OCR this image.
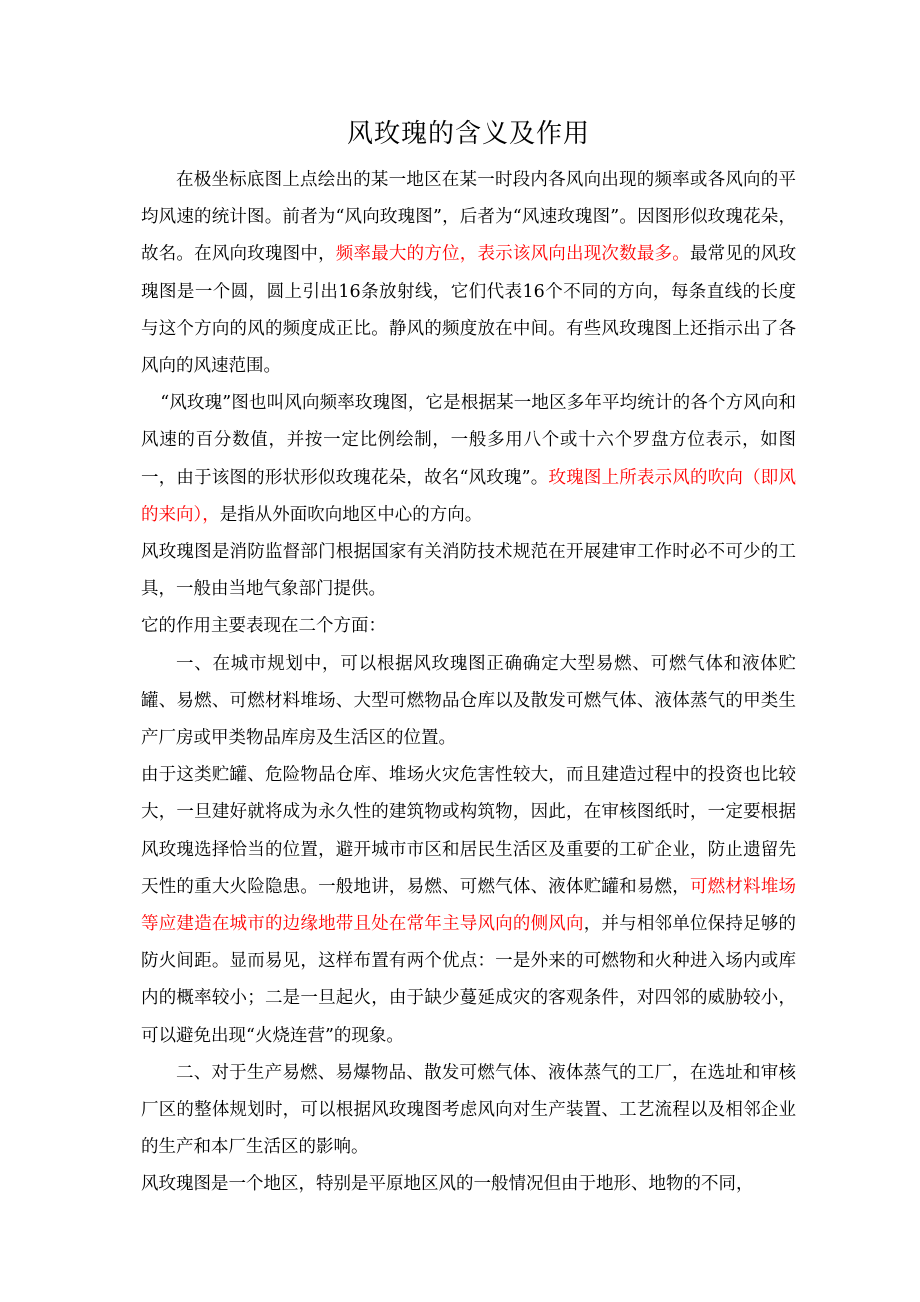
风玫瑰的含义及作用

在极坐标底图上点绘出的某一地区在某一时段内各风向出现的频率或各风向的平均风速的统计图。前者为“风向玫瑰图”，后者为“风速玫瑰图”。因图形似玫瑰花朵，故名。在风向玫瑰图中，频率最大的方位，表示该风向出现次数最多。最常见的风玫瑰图是一个圆，圆上引出16条放射线，它们代表16个不同的方向，每条直线的长度与这个方向的风的频度成正比。静风的频度放在中间。有些风玫瑰图上还指示出了各风向的风速范围。

“风玫瑰”图也叫风向频率玫瑰图，它是根据某一地区多年平均统计的各个方风向和风速的百分数值，并按一定比例绘制，一般多用八个或十六个罗盘方位表示，如图一，由于该图的形状形似玫瑰花朵，故名“风玫瑰”。玫瑰图上所表示风的吹向（即风的来向），是指从外面吹向地区中心的方向。

风玫瑰图是消防监督部门根据国家有关消防技术规范在开展建审工作时必不可少的工具，一般由当地气象部门提供。

它的作用主要表现在二个方面：

一、在城市规划中，可以根据风玫瑰图正确确定大型易燃、可燃气体和液体贮罐、易燃、可燃材料堆场、大型可燃物品仓库以及散发可燃气体、液体蒸气的甲类生产厂房或甲类物品库房及生活区的位置。

由于这类贮罐、危险物品仓库、堆场火灾危害性较大，而且建造过程中的投资也比较大，一旦建好就将成为永久性的建筑物或构筑物，因此，在审核图纸时，一定要根据风玫瑰选择恰当的位置，避开城市市区和居民生活区及重要的工矿企业，防止遗留先天性的重大火险隐患。一般地讲，易燃、可燃气体、液体贮罐和易燃，可燃材料堆场等应建造在城市的边缘地带且处在常年主导风向的侧风向，并与相邻单位保持足够的防火间距。显而易见，这样布置有两个优点：一是外来的可燃物和火种进入场内或库内的概率较小；二是一旦起火，由于缺少蔓延成灾的客观条件，对四邻的威胁较小，可以避免出现“火烧连营”的现象。

二、对于生产易燃、易爆物品、散发可燃气体、液体蒸气的工厂，在选址和审核厂区的整体规划时，可以根据风玫瑰图考虑风向对生产装置、工艺流程以及相邻企业的生产和本厂生活区的影响。

风玫瑰图是一个地区，特别是平原地区风的一般情况但由于地形、地物的不同，
